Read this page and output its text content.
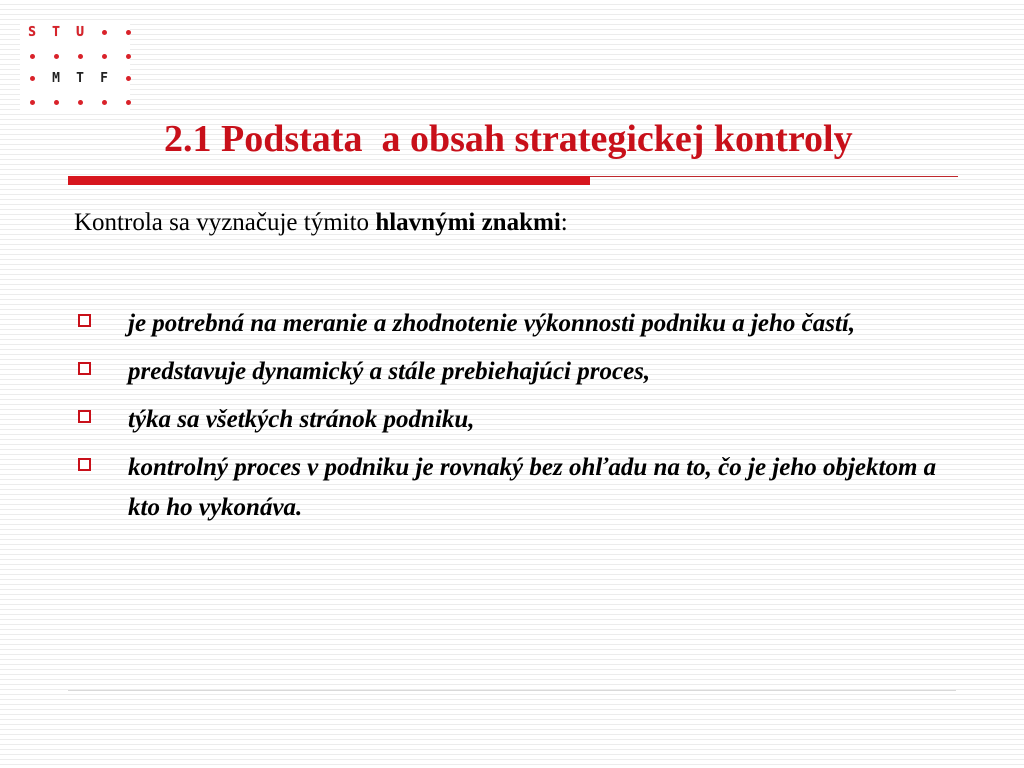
S	T	U
M	T	F
2.1 Podstata  a obsah strategickej kontroly

Kontrola sa vyznačuje týmito hlavnými znakmi:

je potrebná na meranie a zhodnotenie výkonnosti podniku a jeho častí,
predstavuje dynamický a stále prebiehajúci proces,
týka sa všetkých stránok podniku,
kontrolný proces v podniku je rovnaký bez ohľadu na to, čo je jeho objektom a kto ho vykonáva.
